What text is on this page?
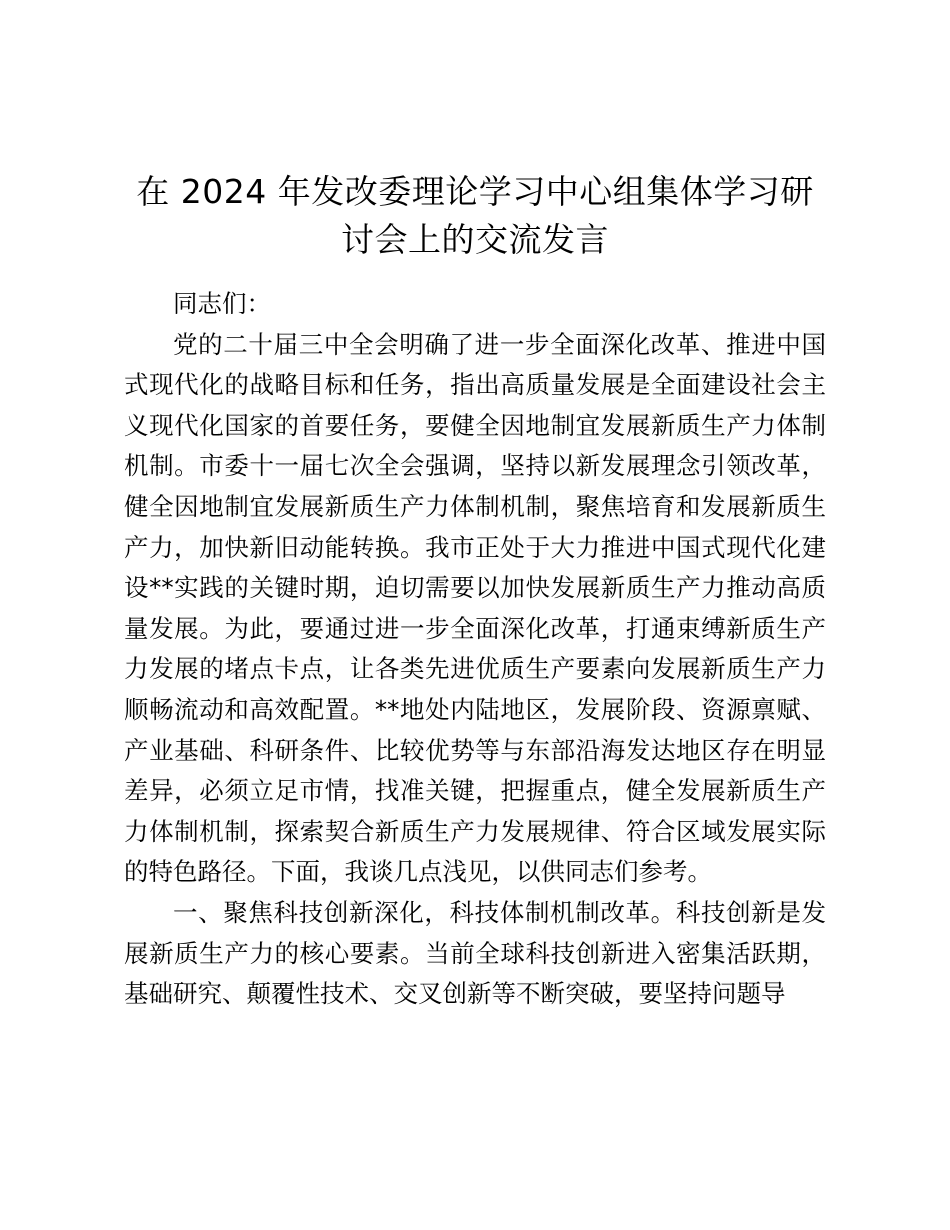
在 2024 年发改委理论学习中心组集体学习研讨会上的交流发言

同志们：

党的二十届三中全会明确了进一步全面深化改革、推进中国式现代化的战略目标和任务，指出高质量发展是全面建设社会主义现代化国家的首要任务，要健全因地制宜发展新质生产力体制机制。市委十一届七次全会强调，坚持以新发展理念引领改革，健全因地制宜发展新质生产力体制机制，聚焦培育和发展新质生产力，加快新旧动能转换。我市正处于大力推进中国式现代化建设**实践的关键时期，迫切需要以加快发展新质生产力推动高质量发展。为此，要通过进一步全面深化改革，打通束缚新质生产力发展的堵点卡点，让各类先进优质生产要素向发展新质生产力顺畅流动和高效配置。**地处内陆地区，发展阶段、资源禀赋、产业基础、科研条件、比较优势等与东部沿海发达地区存在明显差异，必须立足市情，找准关键，把握重点，健全发展新质生产力体制机制，探索契合新质生产力发展规律、符合区域发展实际的特色路径。下面，我谈几点浅见，以供同志们参考。

一、聚焦科技创新深化，科技体制机制改革。科技创新是发展新质生产力的核心要素。当前全球科技创新进入密集活跃期，基础研究、颠覆性技术、交叉创新等不断突破，要坚持问题导
